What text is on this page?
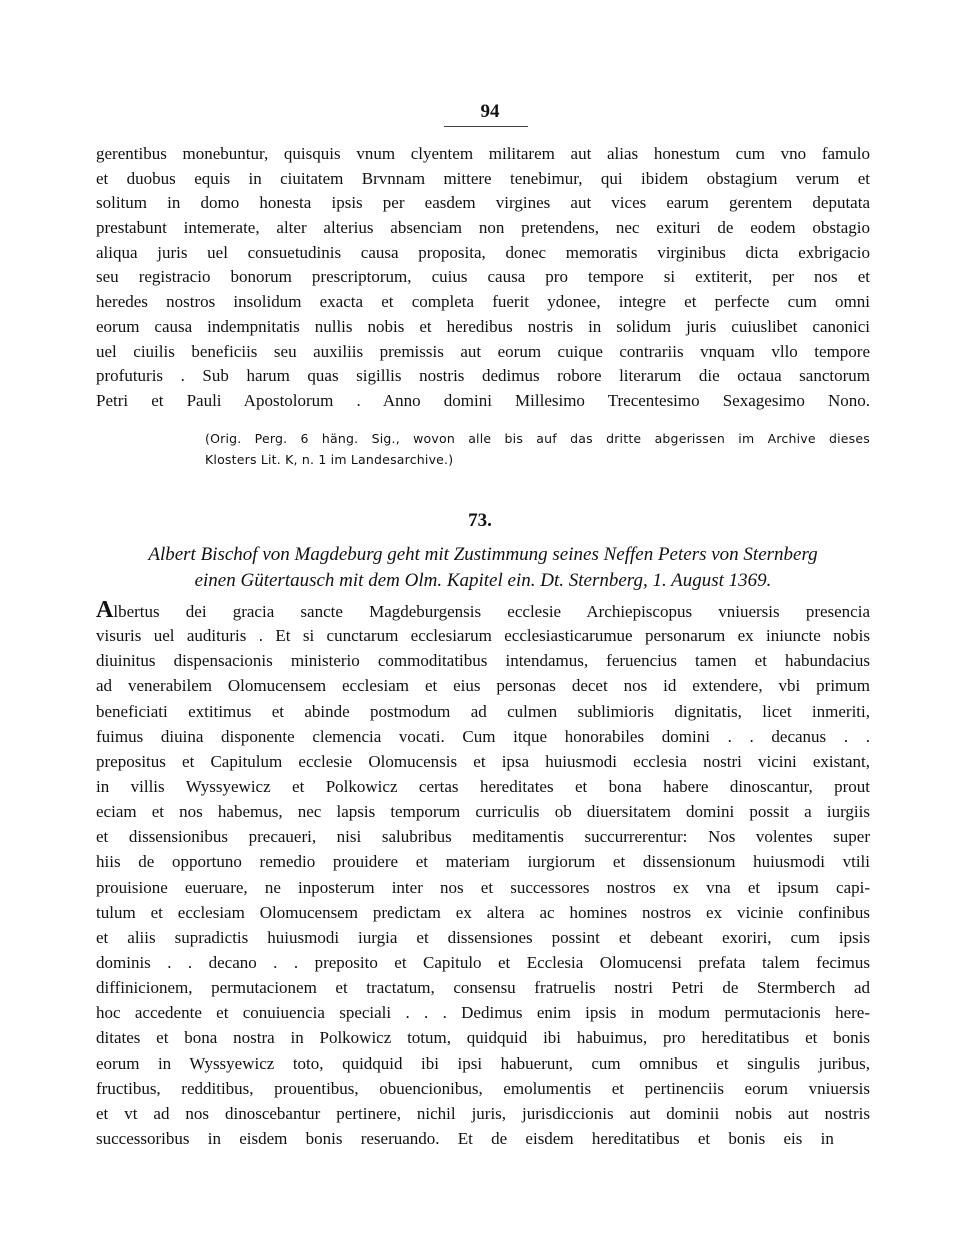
94
gerentibus monebuntur, quisquis vnum clyentem militarem aut alias honestum cum vno famulo
et duobus equis in ciuitatem Brvnnam mittere tenebimur, qui ibidem obstagium verum et
solitum in domo honesta ipsis per easdem virgines aut vices earum gerentem deputata
prestabunt intemerate, alter alterius absenciam non pretendens, nec exituri de eodem obstagio
aliqua juris uel consuetudinis causa proposita, donec memoratis virginibus dicta exbrigacio
seu registracio bonorum prescriptorum, cuius causa pro tempore si extiterit, per nos et
heredes nostros insolidum exacta et completa fuerit ydonee, integre et perfecte cum omni
eorum causa indempnitatis nullis nobis et heredibus nostris in solidum juris cuiuslibet canonici
uel ciuilis beneficiis seu auxiliis premissis aut eorum cuique contrariis vnquam vllo tempore
profuturis . Sub harum quas sigillis nostris dedimus robore literarum die octaua sanctorum
Petri et Pauli Apostolorum . Anno domini Millesimo Trecentesimo Sexagesimo Nono.
(Orig. Perg. 6 häng. Sig., wovon alle bis auf das dritte abgerissen im Archive dieses
Klosters Lit. K, n. 1 im Landesarchive.)
73.
Albert Bischof von Magdeburg geht mit Zustimmung seines Neffen Peters von Sternberg
einen Gütertausch mit dem Olm. Kapitel ein. Dt. Sternberg, 1. August 1369.
Albertus dei gracia sancte Magdeburgensis ecclesie Archiepiscopus vniuersis presencia
visuris uel audituris . Et si cunctarum ecclesiarum ecclesiasticarumue personarum ex iniuncte nobis
diuinitus dispensacionis ministerio commoditatibus intendamus, feruencius tamen et habundacius
ad venerabilem Olomucensem ecclesiam et eius personas decet nos id extendere, vbi primum
beneficiati extitimus et abinde postmodum ad culmen sublimioris dignitatis, licet inmeriti,
fuimus diuina disponente clemencia vocati. Cum itque honorabiles domini . . decanus . .
prepositus et Capitulum ecclesie Olomucensis et ipsa huiusmodi ecclesia nostri vicini existant,
in villis Wyssyewicz et Polkowicz certas hereditates et bona habere dinoscantur, prout
eciam et nos habemus, nec lapsis temporum curriculis ob diuersitatem domini possit a iurgiis
et dissensionibus precaueri, nisi salubribus meditamentis succurrerentur: Nos volentes super
hiis de opportuno remedio prouidere et materiam iurgiorum et dissensionum huiusmodi vtili
prouisione eueruare, ne inposterum inter nos et successores nostros ex vna et ipsum capi-
tulum et ecclesiam Olomucensem predictam ex altera ac homines nostros ex vicinie confinibus
et aliis supradictis huiusmodi iurgia et dissensiones possint et debeant exoriri, cum ipsis
dominis . . decano . . preposito et Capitulo et Ecclesia Olomucensi prefata talem fecimus
diffinicionem, permutacionem et tractatum, consensu fratruelis nostri Petri de Stermberch ad
hoc accedente et conuiuencia speciali . . . Dedimus enim ipsis in modum permutacionis here-
ditates et bona nostra in Polkowicz totum, quidquid ibi habuimus, pro hereditatibus et bonis
eorum in Wyssyewicz toto, quidquid ibi ipsi habuerunt, cum omnibus et singulis juribus,
fructibus, redditibus, prouentibus, obuencionibus, emolumentis et pertinenciis eorum vniuersis
et vt ad nos dinoscebantur pertinere, nichil juris, jurisdiccionis aut dominii nobis aut nostris
successoribus in eisdem bonis reseruando. Et de eisdem hereditatibus et bonis eis in
